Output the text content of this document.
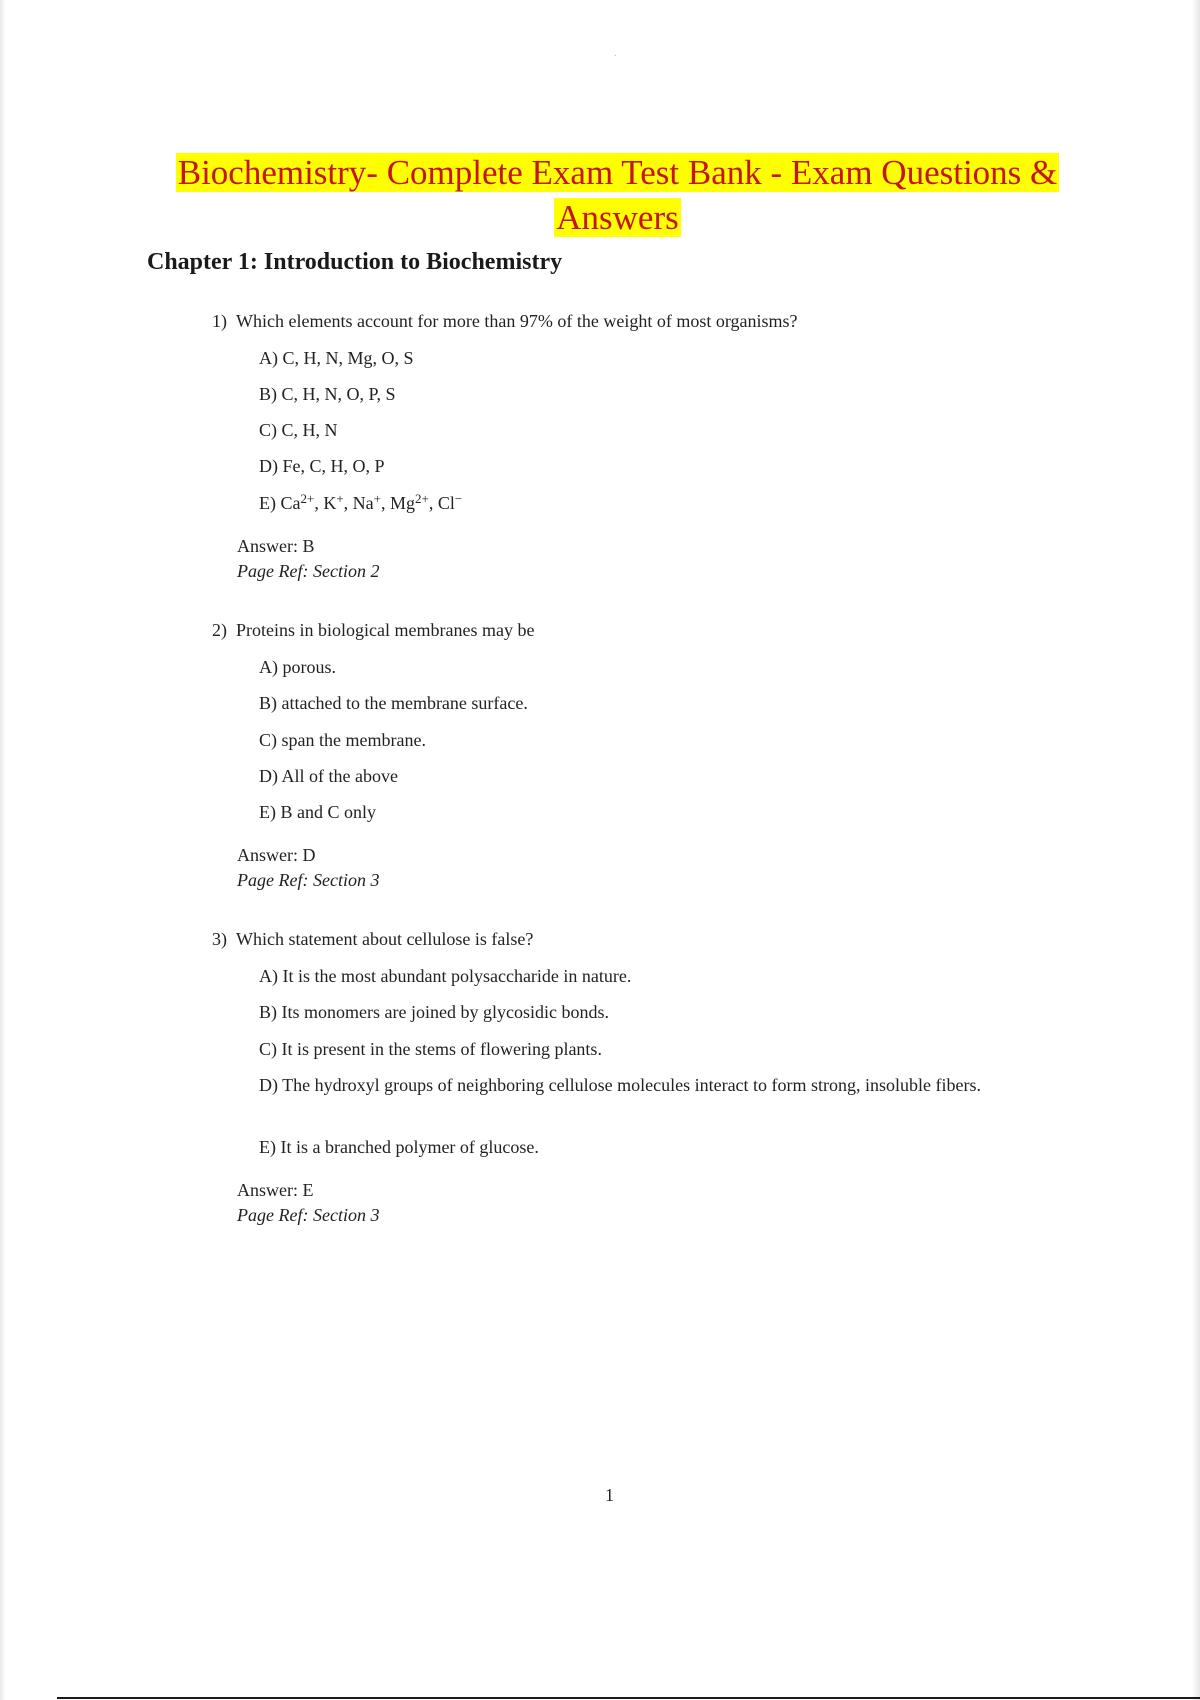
.
Biochemistry- Complete Exam Test Bank - Exam Questions &
Answers
Chapter 1: Introduction to Biochemistry
1) Which elements account for more than 97% of the weight of most organisms?
A) C, H, N, Mg, O, S
B) C, H, N, O, P, S
C) C, H, N
D) Fe, C, H, O, P
E) $Ca^{2+}$, K+, Na+, $Mg^{2+}$, Cl−
Answer: B
Page Ref: Section 2
2) Proteins in biological membranes may be
A) porous.
B) attached to the membrane surface.
C) span the membrane.
D) All of the above
E) B and C only
Answer: D
Page Ref: Section 3
3) Which statement about cellulose is false?
A) It is the most abundant polysaccharide in nature.
B) Its monomers are joined by glycosidic bonds.
C) It is present in the stems of flowering plants.
D) The hydroxyl groups of neighboring cellulose molecules interact to form strong, insoluble fibers.
E) It is a branched polymer of glucose.
Answer: E
Page Ref: Section 3
1
